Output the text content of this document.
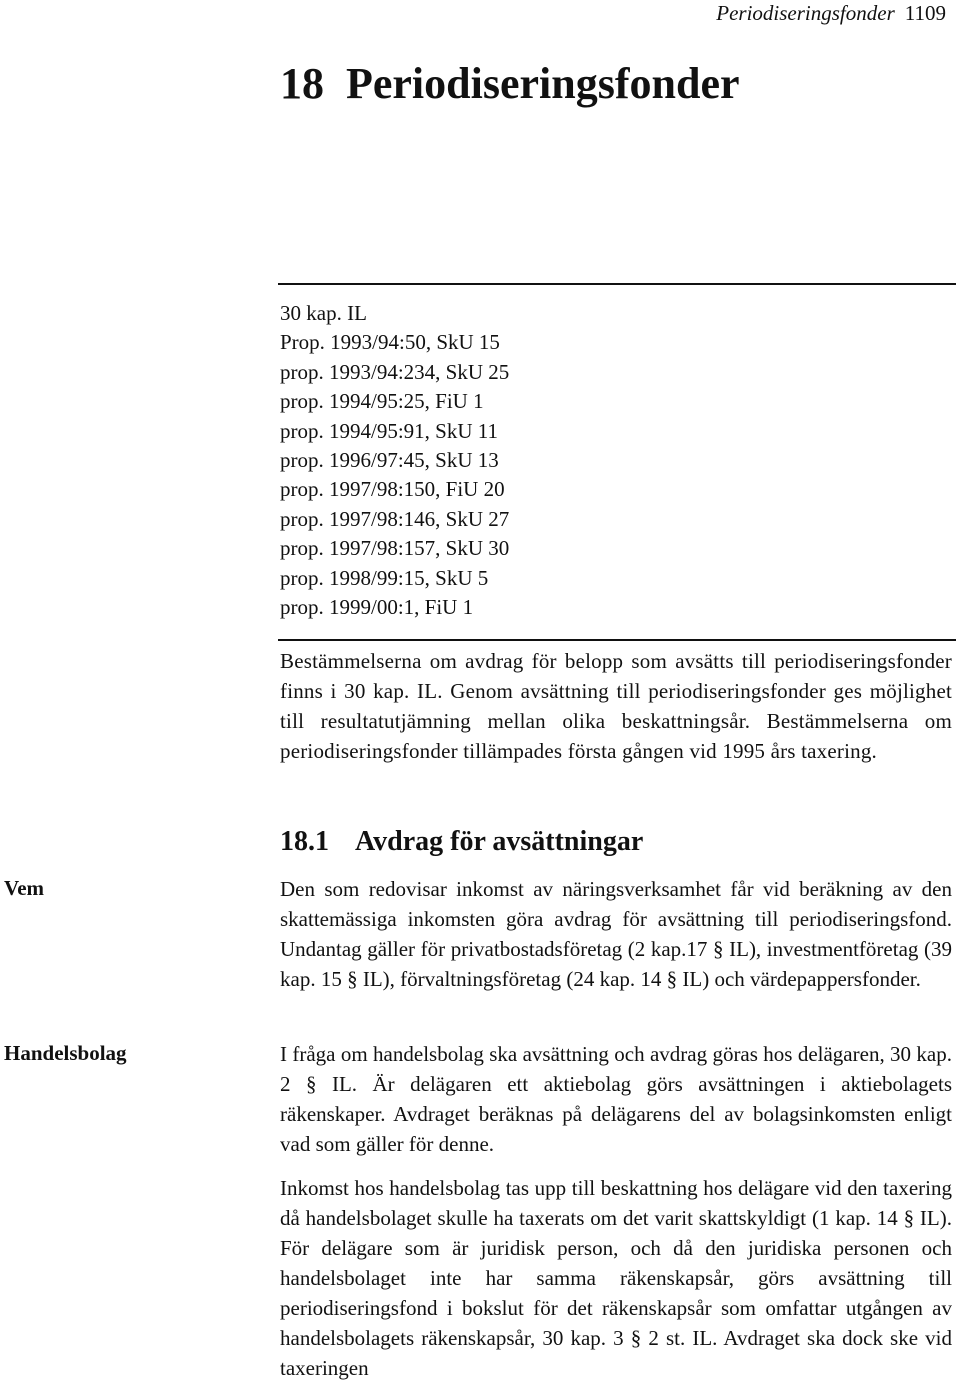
Periodiseringsfonder 1109
18 Periodiseringsfonder
30 kap. IL
Prop. 1993/94:50, SkU 15
prop. 1993/94:234, SkU 25
prop. 1994/95:25, FiU 1
prop. 1994/95:91, SkU 11
prop. 1996/97:45, SkU 13
prop. 1997/98:150, FiU 20
prop. 1997/98:146, SkU 27
prop. 1997/98:157, SkU 30
prop. 1998/99:15, SkU 5
prop. 1999/00:1, FiU 1

Bestämmelserna om avdrag för belopp som avsätts till periodiseringsfonder finns i 30 kap. IL. Genom avsättning till periodiseringsfonder ges möjlighet till resultatutjämning mellan olika beskattningsår. Bestämmelserna om periodiseringsfonder tillämpades första gången vid 1995 års taxering.

18.1 Avdrag för avsättningar
Vem	Den som redovisar inkomst av näringsverksamhet får vid beräkning av den skattemässiga inkomsten göra avdrag för avsättning till periodiseringsfond. Undantag gäller för privatbostadsföretag (2 kap.17 § IL), investmentföretag (39 kap. 15 § IL), förvaltningsföretag (24 kap. 14 § IL) och värdepappersfonder.

Handelsbolag	I fråga om handelsbolag ska avsättning och avdrag göras hos delägaren, 30 kap. 2 § IL. Är delägaren ett aktiebolag görs avsättningen i aktiebolagets räkenskaper. Avdraget beräknas på delägarens del av bolagsinkomsten enligt vad som gäller för denne.

Inkomst hos handelsbolag tas upp till beskattning hos delägare vid den taxering då handelsbolaget skulle ha taxerats om det varit skattskyldigt (1 kap. 14 § IL). För delägare som är juridisk person, och då den juridiska personen och handelsbolaget inte har samma räkenskapsår, görs avsättning till periodiseringsfond i bokslut för det räkenskapsår som omfattar utgången av handelsbolagets räkenskapsår, 30 kap. 3 § 2 st. IL. Avdraget ska dock ske vid taxeringen
